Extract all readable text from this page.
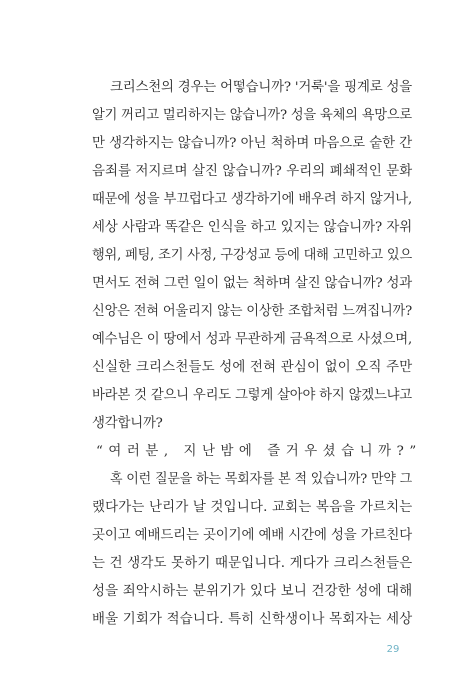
크리스천의 경우는 어떻습니까? '거룩'을 핑계로 성을
알기 꺼리고 멀리하지는 않습니까? 성을 육체의 욕망으로
만 생각하지는 않습니까? 아닌 척하며 마음으로 숱한 간
음죄를 저지르며 살진 않습니까? 우리의 폐쇄적인 문화
때문에 성을 부끄럽다고 생각하기에 배우려 하지 않거나,
세상 사람과 똑같은 인식을 하고 있지는 않습니까? 자위
행위, 페팅, 조기 사정, 구강성교 등에 대해 고민하고 있으
면서도 전혀 그런 일이 없는 척하며 살진 않습니까? 성과
신앙은 전혀 어울리지 않는 이상한 조합처럼 느껴집니까?
예수님은 이 땅에서 성과 무관하게 금욕적으로 사셨으며,
신실한 크리스천들도 성에 전혀 관심이 없이 오직 주만
바라본 것 같으니 우리도 그렇게 살아야 하지 않겠느냐고
생각합니까?
“여러분, 지난밤에 즐거우셨습니까?”
혹 이런 질문을 하는 목회자를 본 적 있습니까? 만약 그
랬다가는 난리가 날 것입니다. 교회는 복음을 가르치는
곳이고 예배드리는 곳이기에 예배 시간에 성을 가르친다
는 건 생각도 못하기 때문입니다. 게다가 크리스천들은
성을 죄악시하는 분위기가 있다 보니 건강한 성에 대해
배울 기회가 적습니다. 특히 신학생이나 목회자는 세상
29
